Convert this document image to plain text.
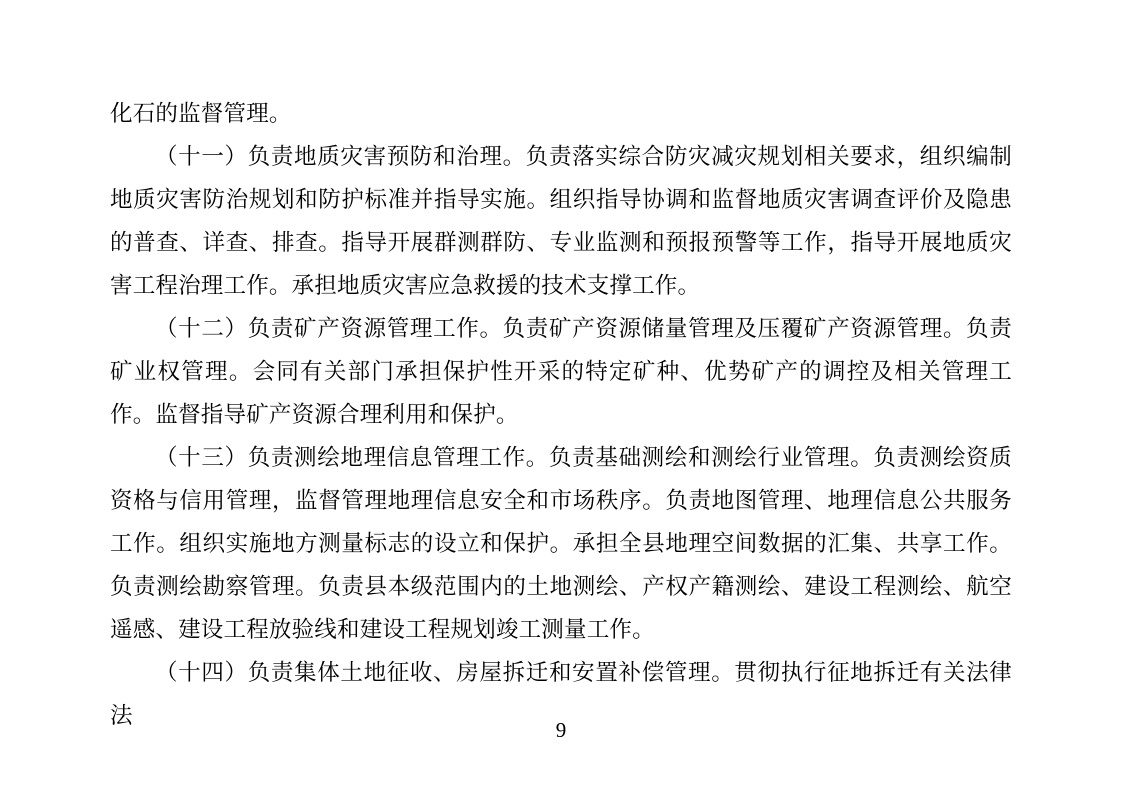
化石的监督管理。

（十一）负责地质灾害预防和治理。负责落实综合防灾减灾规划相关要求，组织编制地质灾害防治规划和防护标准并指导实施。组织指导协调和监督地质灾害调查评价及隐患的普查、详查、排查。指导开展群测群防、专业监测和预报预警等工作，指导开展地质灾害工程治理工作。承担地质灾害应急救援的技术支撑工作。

（十二）负责矿产资源管理工作。负责矿产资源储量管理及压覆矿产资源管理。负责矿业权管理。会同有关部门承担保护性开采的特定矿种、优势矿产的调控及相关管理工作。监督指导矿产资源合理利用和保护。

（十三）负责测绘地理信息管理工作。负责基础测绘和测绘行业管理。负责测绘资质资格与信用管理，监督管理地理信息安全和市场秩序。负责地图管理、地理信息公共服务工作。组织实施地方测量标志的设立和保护。承担全县地理空间数据的汇集、共享工作。负责测绘勘察管理。负责县本级范围内的土地测绘、产权产籍测绘、建设工程测绘、航空遥感、建设工程放验线和建设工程规划竣工测量工作。

（十四）负责集体土地征收、房屋拆迁和安置补偿管理。贯彻执行征地拆迁有关法律法

9
